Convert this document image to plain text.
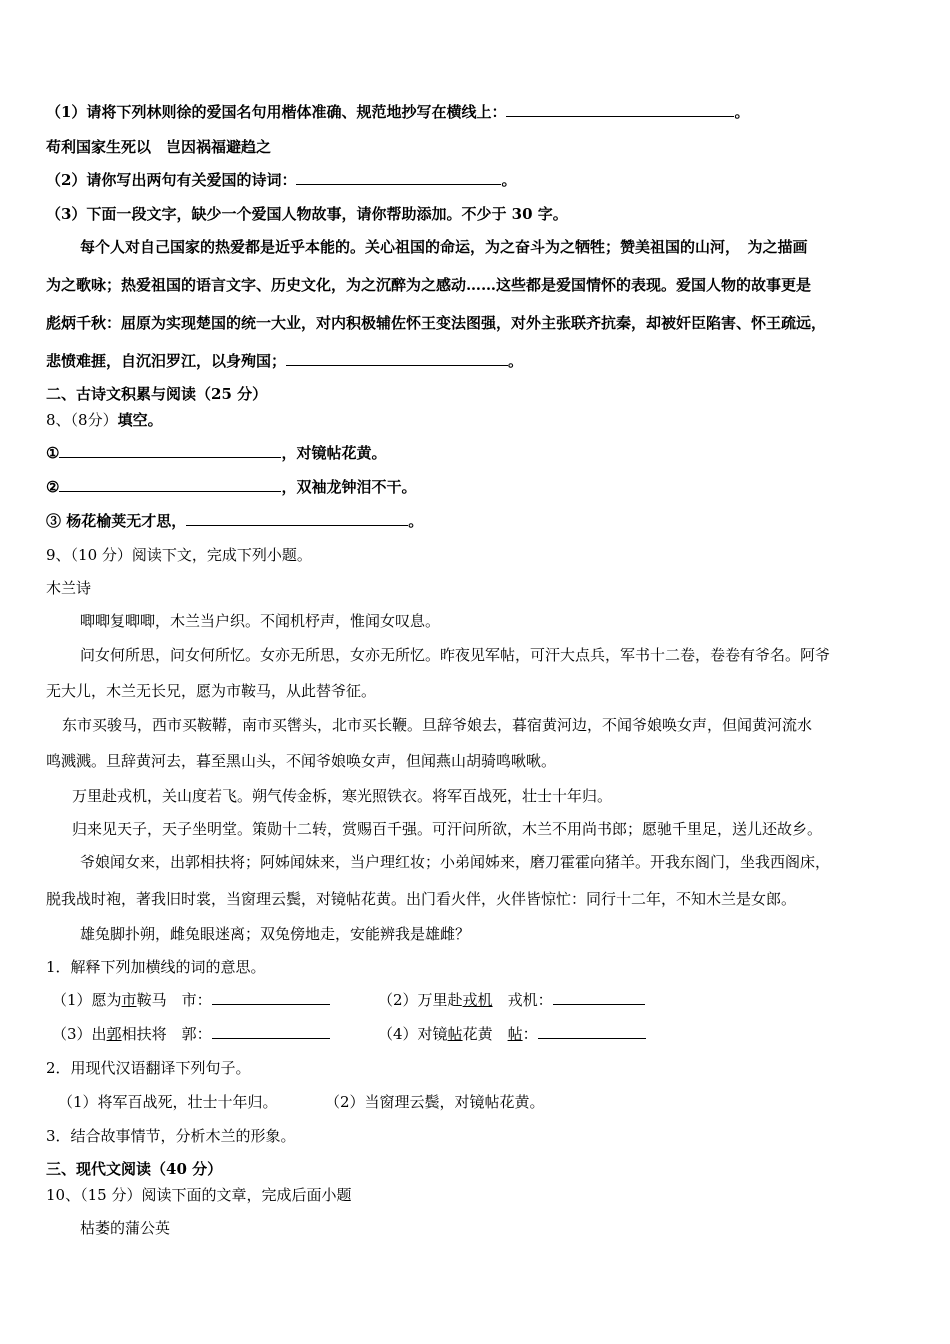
（1）请将下列林则徐的爱国名句用楷体准确、规范地抄写在横线上：	。
苟利国家生死以　岂因祸福避趋之
（2）请你写出两句有关爱国的诗词：	。
（3）下面一段文字，缺少一个爱国人物故事，请你帮助添加。不少于 30 字。
每个人对自己国家的热爱都是近乎本能的。关心祖国的命运，为之奋斗为之牺牲；赞美祖国的山河，　为之描画
为之歌咏；热爱祖国的语言文字、历史文化，为之沉醉为之感动……这些都是爱国情怀的表现。爱国人物的故事更是
彪炳千秋：屈原为实现楚国的统一大业，对内积极辅佐怀王变法图强，对外主张联齐抗秦，却被奸臣陷害、怀王疏远，
悲愤难捱，自沉汨罗江，以身殉国；	。
二、古诗文积累与阅读（25 分）
8、（8分）填空。
①	，对镜帖花黄。
②	，双袖龙钟泪不干。
③ 杨花榆荚无才思，	。
9、（10 分）阅读下文，完成下列小题。
木兰诗
唧唧复唧唧，木兰当户织。不闻机杼声，惟闻女叹息。
问女何所思，问女何所忆。女亦无所思，女亦无所忆。昨夜见军帖，可汗大点兵，军书十二卷，卷卷有爷名。阿爷
无大儿，木兰无长兄，愿为市鞍马，从此替爷征。
东市买骏马，西市买鞍鞯，南市买辔头，北市买长鞭。旦辞爷娘去，暮宿黄河边，不闻爷娘唤女声，但闻黄河流水
鸣溅溅。旦辞黄河去，暮至黑山头，不闻爷娘唤女声，但闻燕山胡骑鸣啾啾。
万里赴戎机，关山度若飞。朔气传金柝，寒光照铁衣。将军百战死，壮士十年归。
归来见天子，天子坐明堂。策勋十二转，赏赐百千强。可汗问所欲，木兰不用尚书郎；愿驰千里足，送儿还故乡。
爷娘闻女来，出郭相扶将；阿姊闻妹来，当户理红妆；小弟闻姊来，磨刀霍霍向猪羊。开我东阁门，坐我西阁床，
脱我战时袍，著我旧时裳，当窗理云鬓，对镜帖花黄。出门看火伴，火伴皆惊忙：同行十二年，不知木兰是女郎。
雄兔脚扑朔，雌兔眼迷离；双兔傍地走，安能辨我是雄雌？
1．解释下列加横线的词的意思。
（1）愿为市鞍马　市：	（2）万里赴戎机　戎机：
（3）出郭相扶将　郭：	（4）对镜帖花黄　帖：
2．用现代汉语翻译下列句子。
（1）将军百战死，壮士十年归。	（2）当窗理云鬓，对镜帖花黄。
3．结合故事情节，分析木兰的形象。
三、现代文阅读（40 分）
10、（15 分）阅读下面的文章，完成后面小题
枯萎的蒲公英
